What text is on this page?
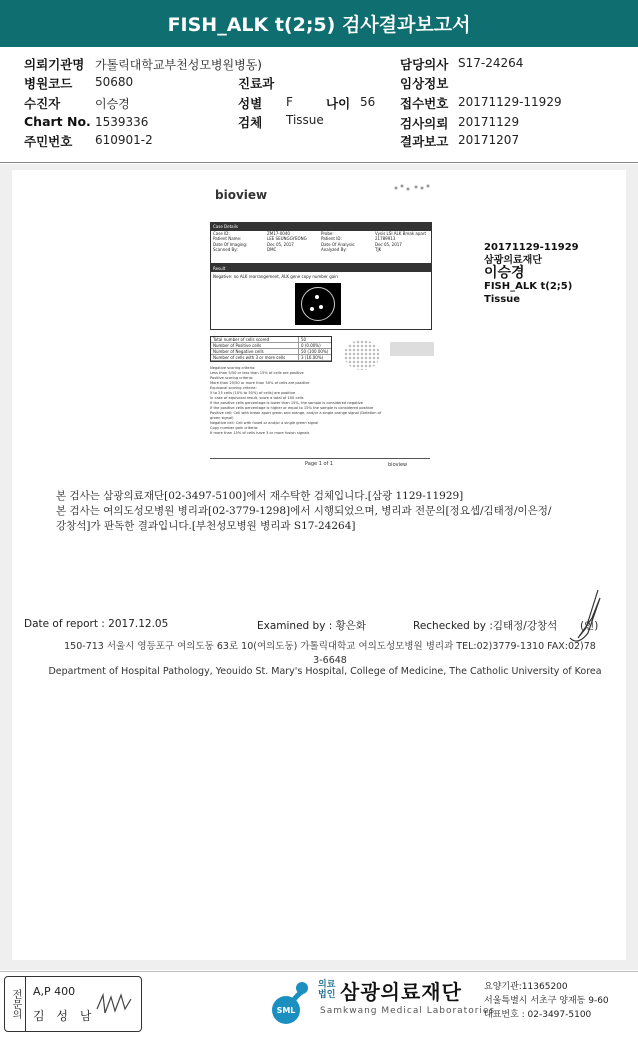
FISH_ALK t(2;5) 검사결과보고서
의뢰기관명 가톨릭대학교부천성모병원병동)	담당의사 S17-24264
병원코드 50680	진료과	임상정보
수진자	이승경	성별 F	나이 56 접수번호 20171129-11929
Chart No. 1539336	검체 Tissue	검사의뢰 20171129
주민번호 610901-2	결과보고 20171207
bioview
Case Details
Case ID:	ZM17-0040	Probe:	Vysis LSI ALK Break apart
Patient Name:	LEE SEUNGGYEONG	Patient ID:	21789913
Date Of Imaging:	Dec 05, 2017	Date Of Analysis:	Dec 05, 2017
Scanned By:	DMC	Analyzed By:	TJK
Result
Negative: no ALK rearrangement, ALK gene copy number gain
Total number of cells scored	50
Number of Positive cells	0 (0.00%)
Number of Negative cells	50 (100.00%)
Number of cells with 3 or more cells	3 (16.00%)
Negative scoring criteria:
Less than 5/50 or less than 15% of cells are positive
Positive scoring criteria:
More than 25/50 or more than 50% of cells are positive
Equivocal scoring criteria:
5 to 25 cells (10% to 50%) of cells) are positive
In case of equivocal result, score a total of 100 cells
If the positive cells percentage is lower than 15%, the sample is considered negative
If the positive cells percentage is higher or equal to 15% the sample is considered positive
Positive cell: Cell with break apart green and orange, and/or a single orange signal (Deletion of green signal)
Negative cell: Cell with fused or and/or a single green signal
Copy number gain criteria:
If more than 15% of cells have 3 or more fusion signals
Page 1 of 1	bioview
20171129-11929
삼광의료재단
이승경
FISH_ALK t(2;5)
Tissue
본 검사는 삼광의료재단[02-3497-5100]에서 재수탁한 검체입니다.[삼광 1129-11929]
본 검사는 여의도성모병원 병리과[02-3779-1298]에서 시행되었으며, 병리과 전문의[정요셉/김태정/이은정/
강창석]가 판독한 결과입니다.[부천성모병원 병리과 S17-24264]
Date of report : 2017.12.05	Examined by : 황은화	Rechecked by :김태정/강창석 (인)
150-713 서울시 영등포구 여의도동 63로 10(여의도동) 가톨릭대학교 여의도성모병원 병리과 TEL:02)3779-1310 FAX:02)78
3-6648
Department of Hospital Pathology, Yeouido St. Mary's Hospital, College of Medicine, The Catholic University of Korea
전문의	A,P 400
김 성 남	SML
의료
법인 삼광의료재단
Samkwang Medical Laboratories
요양기관:11365200
서울특별시 서초구 양재동 9-60
대표번호 : 02-3497-5100
